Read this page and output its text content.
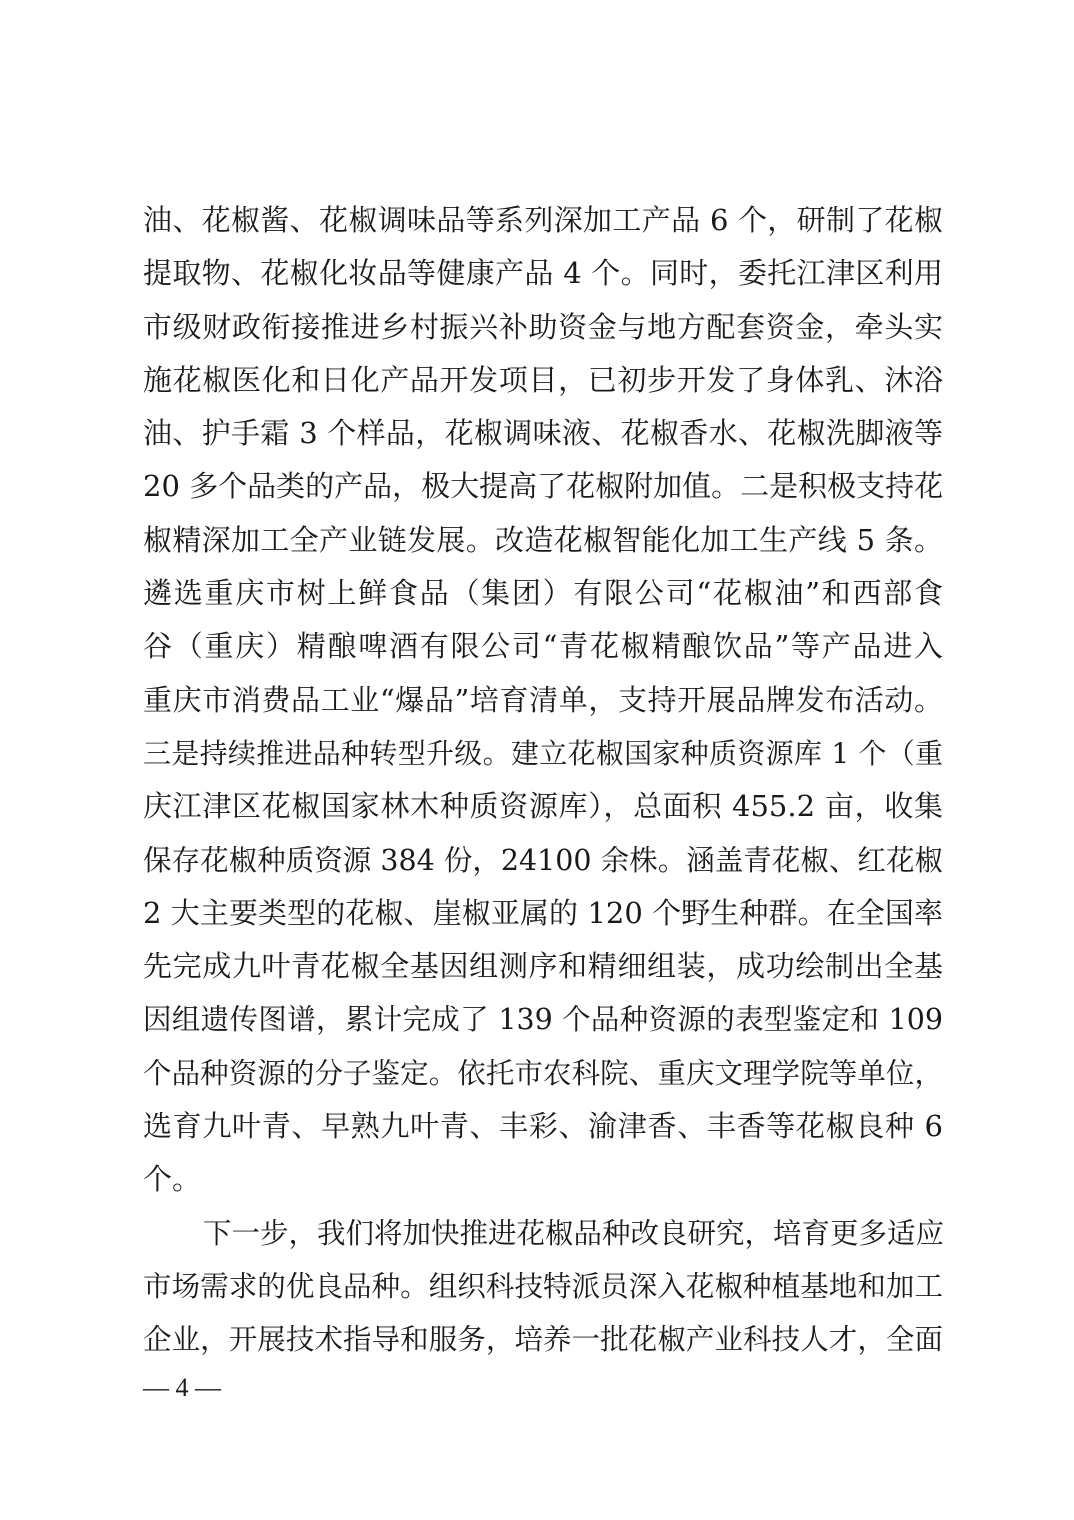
油、花椒酱、花椒调味品等系列深加工产品 6 个，研制了花椒
提取物、花椒化妆品等健康产品 4 个。同时，委托江津区利用
市级财政衔接推进乡村振兴补助资金与地方配套资金，牵头实
施花椒医化和日化产品开发项目，已初步开发了身体乳、沐浴
油、护手霜 3 个样品，花椒调味液、花椒香水、花椒洗脚液等
20 多个品类的产品，极大提高了花椒附加值。二是积极支持花
椒精深加工全产业链发展。改造花椒智能化加工生产线 5 条。
遴选重庆市树上鲜食品（集团）有限公司“花椒油”和西部食
谷（重庆）精酿啤酒有限公司“青花椒精酿饮品”等产品进入
重庆市消费品工业“爆品”培育清单，支持开展品牌发布活动。
三是持续推进品种转型升级。建立花椒国家种质资源库 1 个（重
庆江津区花椒国家林木种质资源库），总面积 455.2 亩，收集
保存花椒种质资源 384 份，24100 余株。涵盖青花椒、红花椒
2 大主要类型的花椒、崖椒亚属的 120 个野生种群。在全国率
先完成九叶青花椒全基因组测序和精细组装，成功绘制出全基
因组遗传图谱，累计完成了 139 个品种资源的表型鉴定和 109
个品种资源的分子鉴定。依托市农科院、重庆文理学院等单位，
选育九叶青、早熟九叶青、丰彩、渝津香、丰香等花椒良种 6
个。
下一步，我们将加快推进花椒品种改良研究，培育更多适应
市场需求的优良品种。组织科技特派员深入花椒种植基地和加工
企业，开展技术指导和服务，培养一批花椒产业科技人才，全面
— 4 —
